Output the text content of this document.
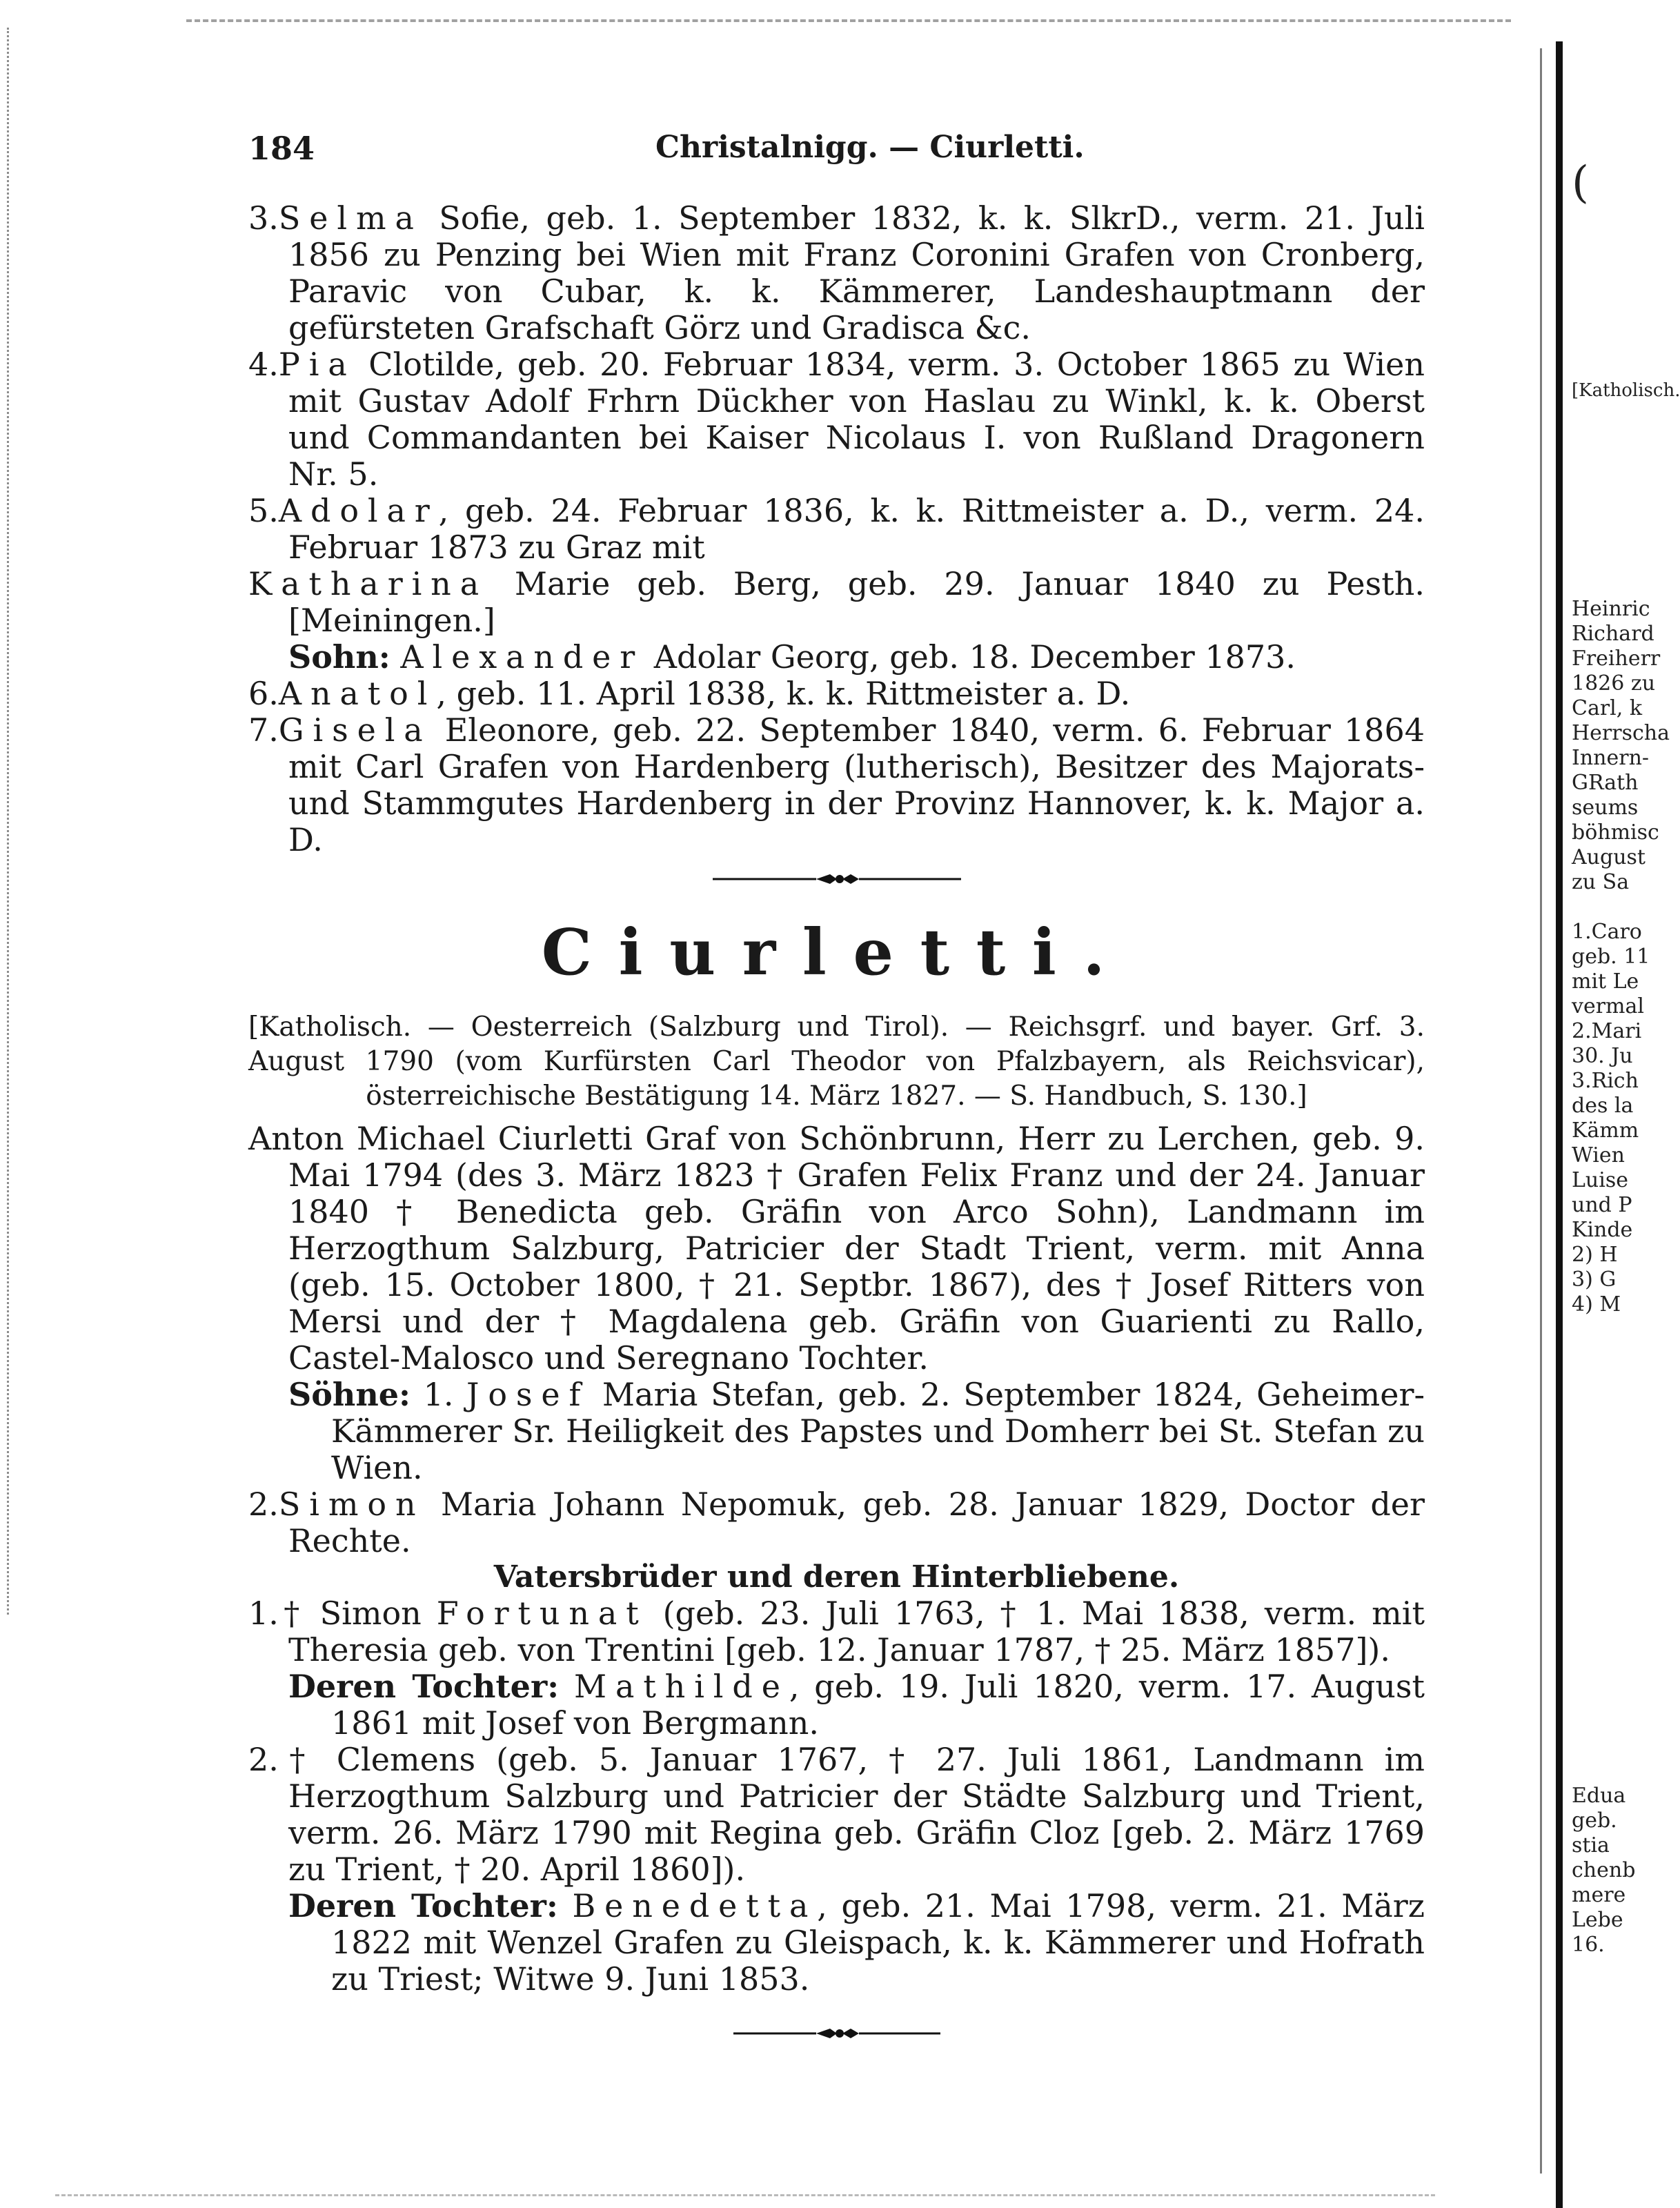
184	Christalnigg. — Ciurletti.

3.Selma Sofie, geb. 1. September 1832, k. k. SlkrD., verm. 21. Juli 1856 zu Penzing bei Wien mit Franz Coronini Grafen von Cronberg, Paravic von Cubar, k. k. Kämmerer, Landeshauptmann der gefürsteten Grafschaft Görz und Gradisca &c.

4.Pia Clotilde, geb. 20. Februar 1834, verm. 3. October 1865 zu Wien mit Gustav Adolf Frhrn Dückher von Haslau zu Winkl, k. k. Oberst und Commandanten bei Kaiser Nicolaus I. von Rußland Dragonern Nr. 5.

5.Adolar, geb. 24. Februar 1836, k. k. Rittmeister a. D., verm. 24. Februar 1873 zu Graz mit

Katharina Marie geb. Berg, geb. 29. Januar 1840 zu Pesth. [Meiningen.]

Sohn: Alexander Adolar Georg, geb. 18. December 1873.

6.Anatol, geb. 11. April 1838, k. k. Rittmeister a. D.

7.Gisela Eleonore, geb. 22. September 1840, verm. 6. Februar 1864 mit Carl Grafen von Hardenberg (lutherisch), Besitzer des Majorats- und Stammgutes Hardenberg in der Provinz Hannover, k. k. Major a. D.

Ciurletti.

[Katholisch. — Oesterreich (Salzburg und Tirol). — Reichsgrf. und bayer. Grf. 3. August 1790 (vom Kurfürsten Carl Theodor von Pfalzbayern, als Reichsvicar), österreichische Bestätigung 14. März 1827. — S. Handbuch, S. 130.]

Anton Michael Ciurletti Graf von Schönbrunn, Herr zu Lerchen, geb. 9. Mai 1794 (des 3. März 1823 † Grafen Felix Franz und der 24. Januar 1840 † Benedicta geb. Gräfin von Arco Sohn), Landmann im Herzogthum Salzburg, Patricier der Stadt Trient, verm. mit Anna (geb. 15. October 1800, † 21. Septbr. 1867), des † Josef Ritters von Mersi und der † Magdalena geb. Gräfin von Guarienti zu Rallo, Castel-Malosco und Seregnano Tochter.

Söhne: 1. Josef Maria Stefan, geb. 2. September 1824, Geheimer-Kämmerer Sr. Heiligkeit des Papstes und Domherr bei St. Stefan zu Wien.

2.Simon Maria Johann Nepomuk, geb. 28. Januar 1829, Doctor der Rechte.

Vatersbrüder und deren Hinterbliebene.

1.† Simon Fortunat (geb. 23. Juli 1763, † 1. Mai 1838, verm. mit Theresia geb. von Trentini [geb. 12. Januar 1787, † 25. März 1857]).

Deren Tochter: Mathilde, geb. 19. Juli 1820, verm. 17. August 1861 mit Josef von Bergmann.

2.† Clemens (geb. 5. Januar 1767, † 27. Juli 1861, Landmann im Herzogthum Salzburg und Patricier der Städte Salzburg und Trient, verm. 26. März 1790 mit Regina geb. Gräfin Cloz [geb. 2. März 1769 zu Trient, † 20. April 1860]).

Deren Tochter: Benedetta, geb. 21. Mai 1798, verm. 21. März 1822 mit Wenzel Grafen zu Gleispach, k. k. Kämmerer und Hofrath zu Triest; Witwe 9. Juni 1853.

(

[Katholisch.
Heinric
Richard
Freiherr
1826 zu
Carl, k
Herrscha
Innern-
GRath
seums
böhmisc
August
zu Sa

1.Caro
geb. 11
mit Le
vermal
2.Mari
30. Ju
3.Rich
des la
Kämm
Wien
Luise
und P
Kinde
2) H
3) G
4) M
Edua
geb.
stia
chenb
mere
Lebe
16.
